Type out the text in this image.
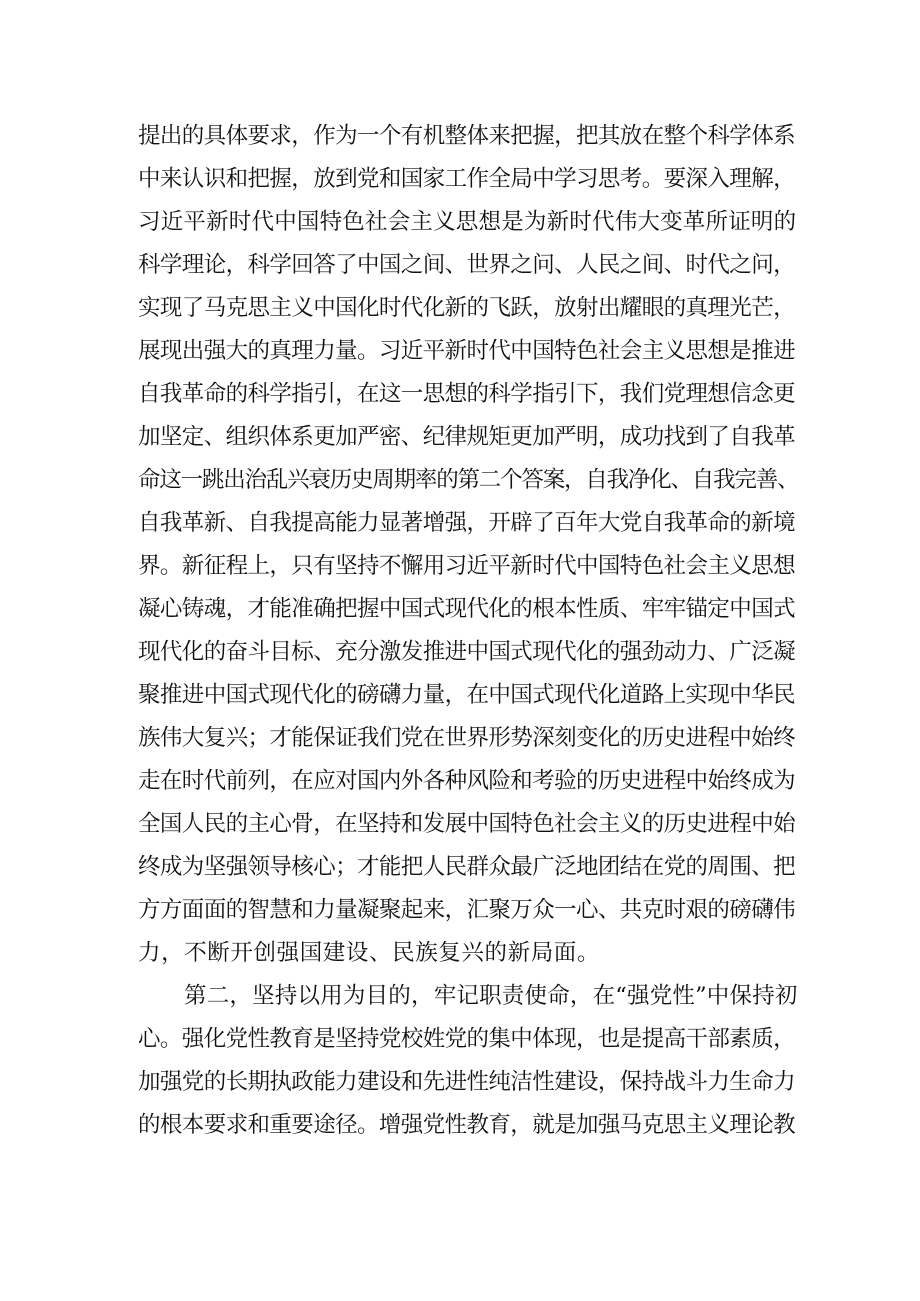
提出的具体要求，作为一个有机整体来把握，把其放在整个科学体系
中来认识和把握，放到党和国家工作全局中学习思考。要深入理解，
习近平新时代中国特色社会主义思想是为新时代伟大变革所证明的
科学理论，科学回答了中国之间、世界之问、人民之间、时代之问，
实现了马克思主义中国化时代化新的飞跃，放射出耀眼的真理光芒，
展现出强大的真理力量。习近平新时代中国特色社会主义思想是推进
自我革命的科学指引，在这一思想的科学指引下，我们党理想信念更
加坚定、组织体系更加严密、纪律规矩更加严明，成功找到了自我革
命这一跳出治乱兴衰历史周期率的第二个答案，自我净化、自我完善、
自我革新、自我提高能力显著增强，开辟了百年大党自我革命的新境
界。新征程上，只有坚持不懈用习近平新时代中国特色社会主义思想
凝心铸魂，才能准确把握中国式现代化的根本性质、牢牢锚定中国式
现代化的奋斗目标、充分激发推进中国式现代化的强劲动力、广泛凝
聚推进中国式现代化的磅礴力量，在中国式现代化道路上实现中华民
族伟大复兴；才能保证我们党在世界形势深刻变化的历史进程中始终
走在时代前列，在应对国内外各种风险和考验的历史进程中始终成为
全国人民的主心骨，在坚持和发展中国特色社会主义的历史进程中始
终成为坚强领导核心；才能把人民群众最广泛地团结在党的周围、把
方方面面的智慧和力量凝聚起来，汇聚万众一心、共克时艰的磅礴伟
力，不断开创强国建设、民族复兴的新局面。
第二，坚持以用为目的，牢记职责使命，在“强党性”中保持初
心。强化党性教育是坚持党校姓党的集中体现，也是提高干部素质，
加强党的长期执政能力建设和先进性纯洁性建设，保持战斗力生命力
的根本要求和重要途径。增强党性教育，就是加强马克思主义理论教
